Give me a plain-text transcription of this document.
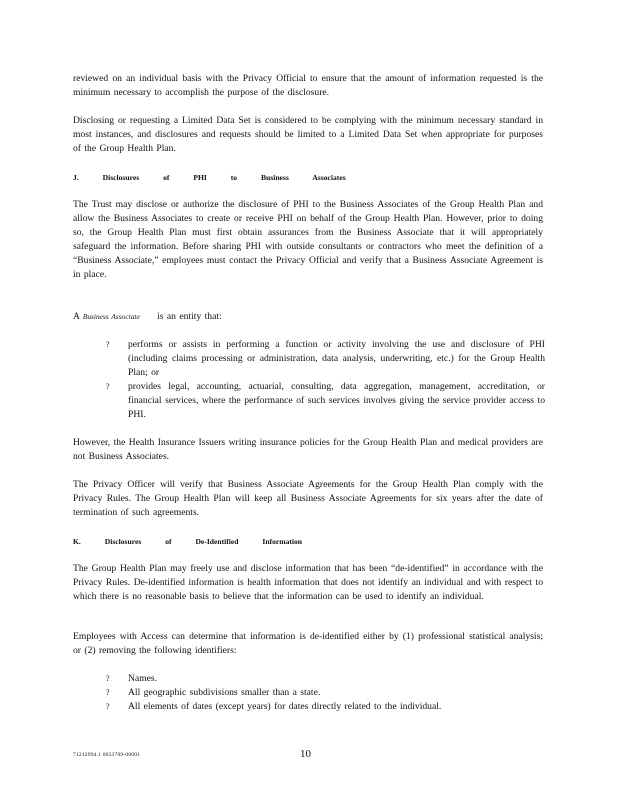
reviewed on an individual basis with the Privacy Official to ensure that the amount of information requested is the minimum necessary to accomplish the purpose of the disclosure.
Disclosing or requesting a Limited Data Set is considered to be complying with the minimum necessary standard in most instances, and disclosures and requests should be limited to a Limited Data Set when appropriate for purposes of the Group Health Plan.
J.	Disclosures	of	PHI	to	Business	Associates
The Trust may disclose or authorize the disclosure of PHI to the Business Associates of the Group Health Plan and allow the Business Associates to create or receive PHI on behalf of the Group Health Plan. However, prior to doing so, the Group Health Plan must first obtain assurances from the Business Associate that it will appropriately safeguard the information. Before sharing PHI with outside consultants or contractors who meet the definition of a “Business Associate,” employees must contact the Privacy Official and verify that a Business Associate Agreement is in place.
A Business Associate is an entity that:
? performs or assists in performing a function or activity involving the use and disclosure of PHI (including claims processing or administration, data analysis, underwriting, etc.) for the Group Health Plan; or
? provides legal, accounting, actuarial, consulting, data aggregation, management, accreditation, or financial services, where the performance of such services involves giving the service provider access to PHI.
However, the Health Insurance Issuers writing insurance policies for the Group Health Plan and medical providers are not Business Associates.
The Privacy Officer will verify that Business Associate Agreements for the Group Health Plan comply with the Privacy Rules. The Group Health Plan will keep all Business Associate Agreements for six years after the date of termination of such agreements.
K.	Disclosures	of	De-Identified	Information
The Group Health Plan may freely use and disclose information that has been “de-identified” in accordance with the Privacy Rules. De-identified information is health information that does not identify an individual and with respect to which there is no reasonable basis to believe that the information can be used to identify an individual.
Employees with Access can determine that information is de-identified either by (1) professional statistical analysis; or (2) removing the following identifiers:
? Names.
? All geographic subdivisions smaller than a state.
? All elements of dates (except years) for dates directly related to the individual.
71212994.1 0053709-00001	10
